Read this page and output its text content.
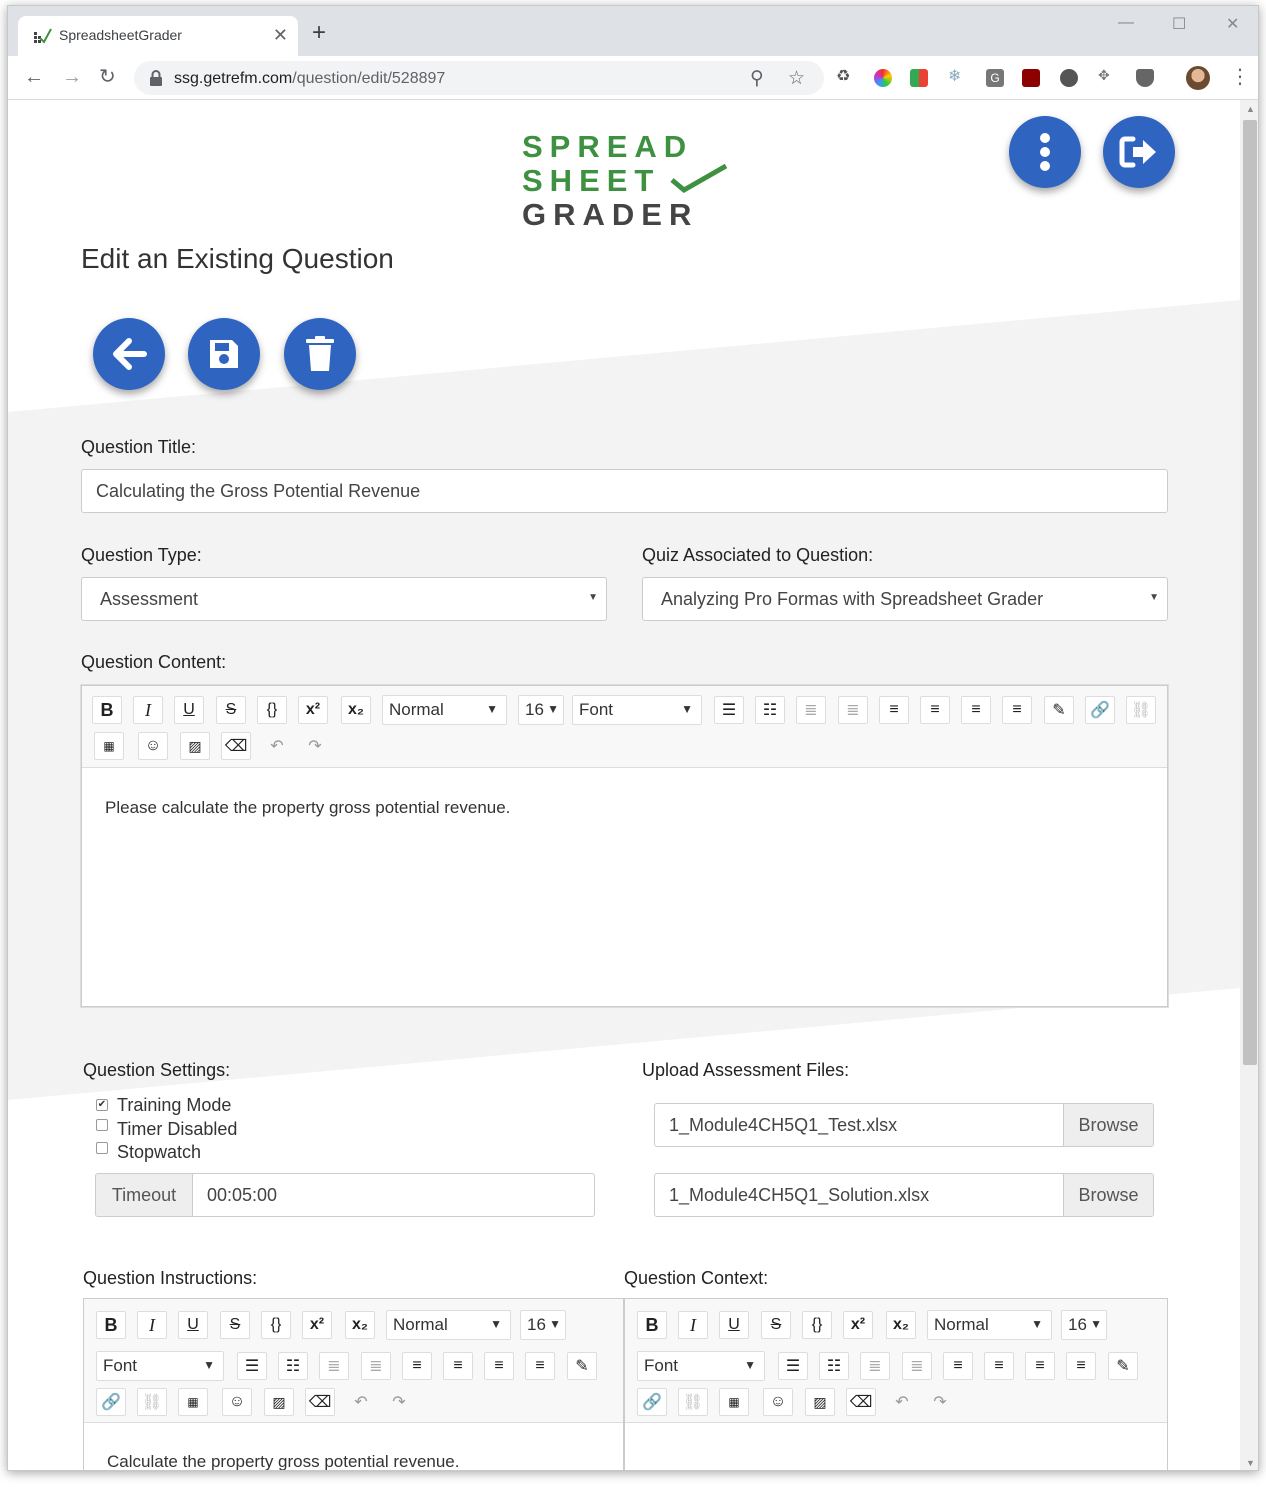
SpreadsheetGrader	✕ +	— ☐ ✕
← → ↻	ssg.getrefm.com/question/edit/528897	⚲ ☆ ♻	❄	G	✥	⋮
SPREAD
SHEET
GRADER
Edit an Existing Question
Question Title:
Calculating the Gross Potential Revenue
Question Type:
Assessment	▼
Quiz Associated to Question:
Analyzing Pro Formas with Spreadsheet Grader	▼
Question Content:
B	I	U	S	{}	x²	x₂	Normal	▼ 16 ▼ Font	▼	☰	☷	≣	≣	≡	≡	≡	≡	✎	🔗	⛓
▦	☺	▨	⌫	↶	↷
Please calculate the property gross potential revenue.
Question Settings:
✔ Training Mode
Timer Disabled
Stopwatch
Timeout	00:05:00
Upload Assessment Files:
1_Module4CH5Q1_Test.xlsx	Browse
1_Module4CH5Q1_Solution.xlsx	Browse
Question Instructions:
B	I	U	S	{}	x²	x₂	Normal	▼ 16 ▼
Font	▼	☰	☷	≣	≣	≡	≡	≡	≡	✎
🔗	⛓	▦	☺	▨	⌫	↶	↷
Calculate the property gross potential revenue.
Question Context:
B	I	U	S	{}	x²	x₂	Normal	▼ 16 ▼
Font	▼	☰	☷	≣	≣	≡	≡	≡	≡	✎
🔗	⛓	▦	☺	▨	⌫	↶	↷
▲
▼
